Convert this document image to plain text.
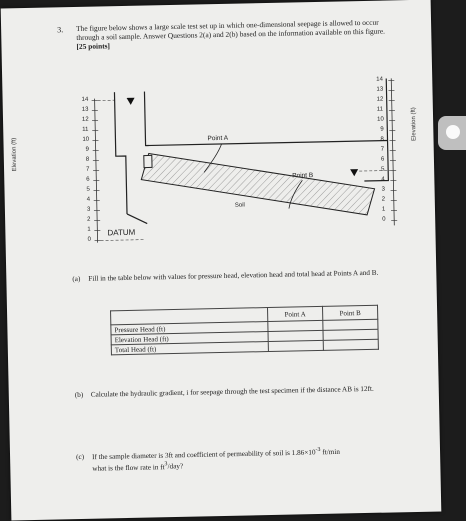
3. The figure below shows a large scale test set up in which one-dimensional seepage is allowed to occur through a soil sample. Answer Questions 2(a) and 2(b) based on the information available on this figure. [25 points]
Elevation (ft)
Elevation (ft)
14
13
12
11
10
9
8
7
6
5
4
3
2
1
0
14
13
12
11
10
9
8
7
6
5
4
3
2
1
0
DATUM
Point A
Point B
Soil
(a) Fill in the table below with values for pressure head, elevation head and total head at Points A and B.
	Point A	Point B
Pressure Head (ft)		
Elevation Head (ft)		
Total Head (ft)		
(b) Calculate the hydraulic gradient, i for seepage through the test specimen if the distance AB is 12ft.
(c) If the sample diameter is 3ft and coefficient of permeability of soil is $1.86\times 10^{-3}$ ft/min
what is the flow rate in $ft^3$/day?
